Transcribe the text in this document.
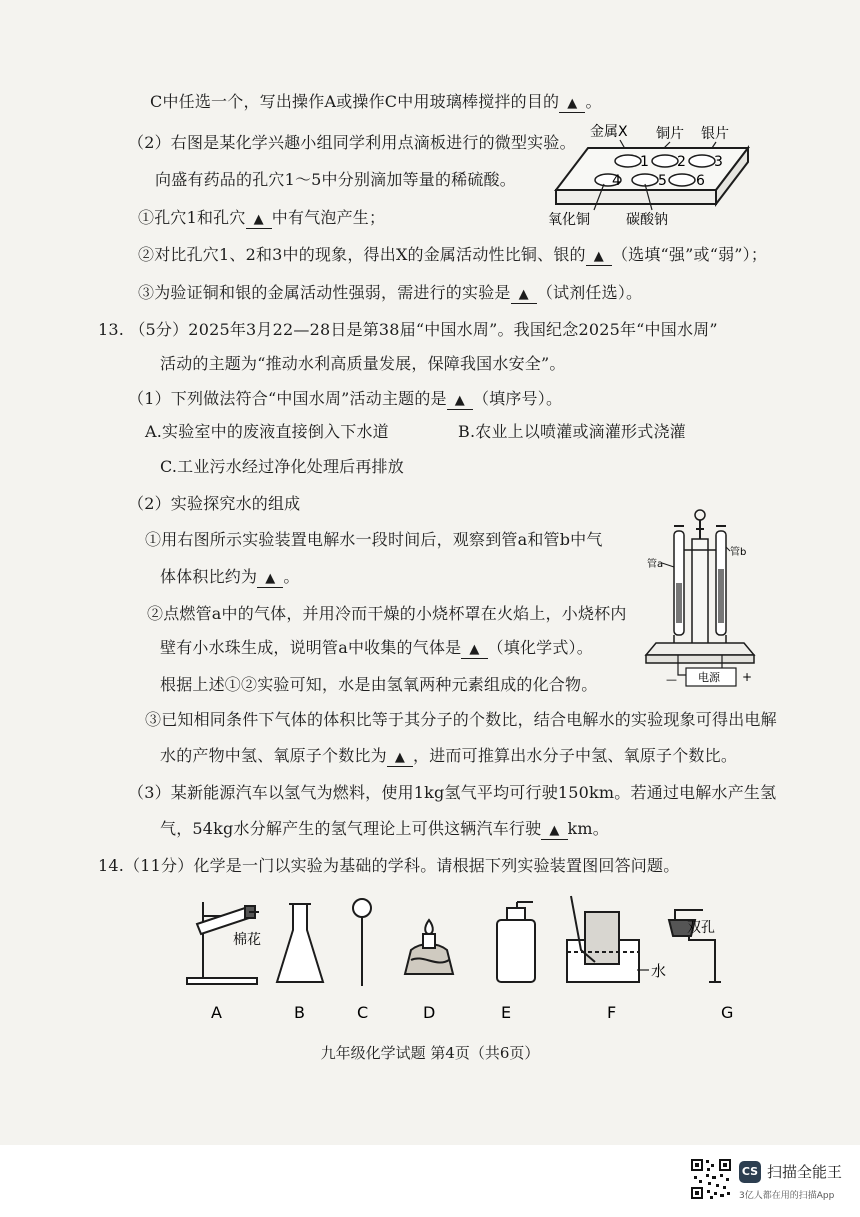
C中任选一个，写出操作A或操作C中用玻璃棒搅拌的目的 ▲ 。
（2）右图是某化学兴趣小组同学利用点滴板进行的微型实验。
向盛有药品的孔穴1～5中分别滴加等量的稀硫酸。
①孔穴1和孔穴 ▲ 中有气泡产生；
②对比孔穴1、2和3中的现象，得出X的金属活动性比铜、银的 ▲ （选填“强”或“弱”）；
③为验证铜和银的金属活动性强弱，需进行的实验是 ▲ （试剂任选）。
13. （5分）2025年3月22—28日是第38届“中国水周”。我国纪念2025年“中国水周”
活动的主题为“推动水利高质量发展，保障我国水安全”。
（1）下列做法符合“中国水周”活动主题的是 ▲ （填序号）。
A.实验室中的废液直接倒入下水道	B.农业上以喷灌或滴灌形式浇灌
C.工业污水经过净化处理后再排放
（2）实验探究水的组成
①用右图所示实验装置电解水一段时间后，观察到管a和管b中气
体体积比约为 ▲ 。
②点燃管a中的气体，并用冷而干燥的小烧杯罩在火焰上，小烧杯内
壁有小水珠生成，说明管a中收集的气体是 ▲ （填化学式）。
根据上述①②实验可知，水是由氢氧两种元素组成的化合物。
③已知相同条件下气体的体积比等于其分子的个数比，结合电解水的实验现象可得出电解
水的产物中氢、氧原子个数比为 ▲ ，进而可推算出水分子中氢、氧原子个数比。
（3）某新能源汽车以氢气为燃料，使用1kg氢气平均可行驶150km。若通过电解水产生氢
气，54kg水分解产生的氢气理论上可供这辆汽车行驶 ▲ km。
14.（11分）化学是一门以实验为基础的学科。请根据下列实验装置图回答问题。
金属X 铜片 银片
1 2 3
4	5 6
氧化铜	碳酸钠
管a
管b
电源
—	+
棉花
水
双孔
A	B	C	D	E	F	G
九年级化学试题 第4页（共6页）
CS 扫描全能王
3亿人都在用的扫描App
